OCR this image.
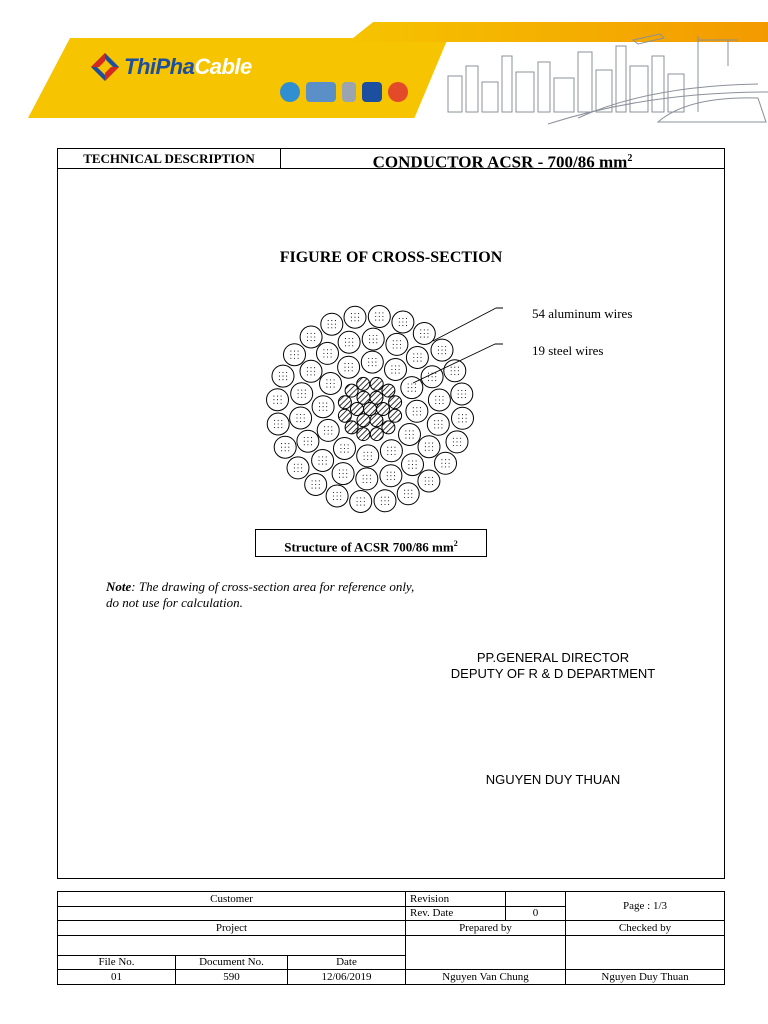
ThiPhaCable
TECHNICAL DESCRIPTION	CONDUCTOR ACSR - 700/86 $mm^2$
FIGURE OF CROSS-SECTION
54 aluminum wires
19 steel wires
Structure of ACSR 700/86 $mm^2$
Note: The drawing of cross-section area for reference only,
do not use for calculation.
PP.GENERAL DIRECTOR
DEPUTY OF R & D DEPARTMENT
NGUYEN DUY THUAN
Customer			Revision		Page : 1/3
			Rev. Date	0	
Project			Prepared by		Checked by

File No.	Document No.	Date			
01	590	12/06/2019	Nguyen Van Chung		Nguyen Duy Thuan
